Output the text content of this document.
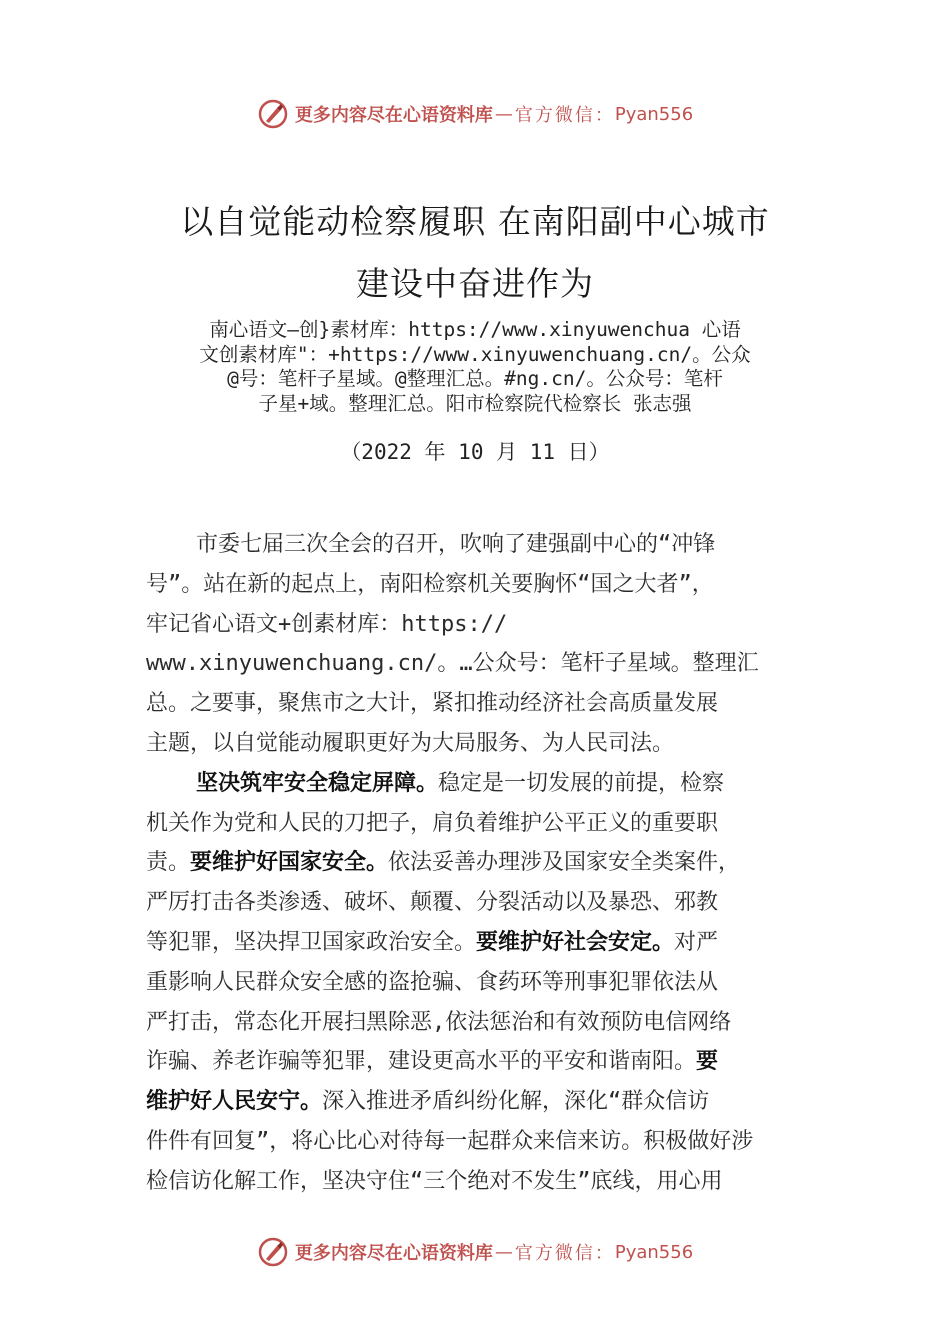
更多内容尽在心语资料库 — 官方微信： Pyan556
以自觉能动检察履职 在南阳副中心城市
建设中奋进作为
南心语文—创}素材库：https://www.xinyuwenchua 心语
文创素材库"：+https://www.xinyuwenchuang.cn/。公众
@号：笔杆子星域。@整理汇总。#ng.cn/。公众号：笔杆
子星+域。整理汇总。阳市检察院代检察长 张志强
（2022 年 10 月 11 日）
市委七届三次全会的召开，吹响了建强副中心的“冲锋
号”。站在新的起点上，南阳检察机关要胸怀“国之大者”，
牢记省心语文+创素材库：https://
www.xinyuwenchuang.cn/。…公众号：笔杆子星域。整理汇
总。之要事，聚焦市之大计，紧扣推动经济社会高质量发展
主题，以自觉能动履职更好为大局服务、为人民司法。
坚决筑牢安全稳定屏障。稳定是一切发展的前提，检察
机关作为党和人民的刀把子，肩负着维护公平正义的重要职
责。要维护好国家安全。依法妥善办理涉及国家安全类案件，
严厉打击各类渗透、破坏、颠覆、分裂活动以及暴恐、邪教
等犯罪，坚决捍卫国家政治安全。要维护好社会安定。对严
重影响人民群众安全感的盗抢骗、食药环等刑事犯罪依法从
严打击，常态化开展扫黑除恶,依法惩治和有效预防电信网络
诈骗、养老诈骗等犯罪，建设更高水平的平安和谐南阳。要
维护好人民安宁。深入推进矛盾纠纷化解，深化“群众信访
件件有回复”，将心比心对待每一起群众来信来访。积极做好涉
检信访化解工作，坚决守住“三个绝对不发生”底线，用心用
更多内容尽在心语资料库 — 官方微信： Pyan556
